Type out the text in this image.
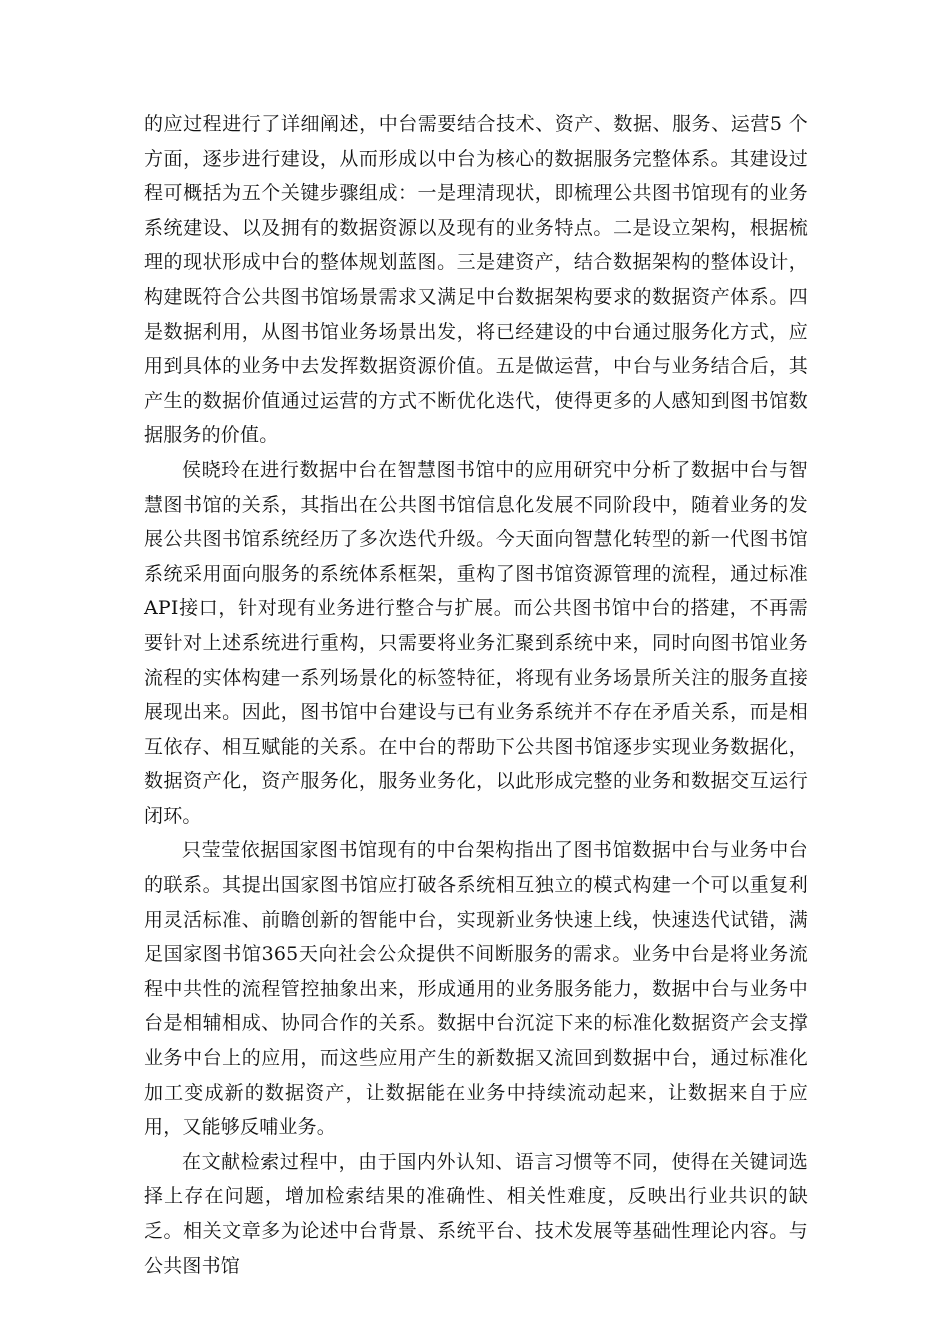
的应过程进行了详细阐述，中台需要结合技术、资产、数据、服务、运营5 个方面，逐步进行建设，从而形成以中台为核心的数据服务完整体系。其建设过程可概括为五个关键步骤组成：一是理清现状，即梳理公共图书馆现有的业务系统建设、以及拥有的数据资源以及现有的业务特点。二是设立架构，根据梳理的现状形成中台的整体规划蓝图。三是建资产，结合数据架构的整体设计，构建既符合公共图书馆场景需求又满足中台数据架构要求的数据资产体系。四是数据利用，从图书馆业务场景出发，将已经建设的中台通过服务化方式，应用到具体的业务中去发挥数据资源价值。五是做运营，中台与业务结合后，其产生的数据价值通过运营的方式不断优化迭代，使得更多的人感知到图书馆数据服务的价值。

侯晓玲在进行数据中台在智慧图书馆中的应用研究中分析了数据中台与智慧图书馆的关系，其指出在公共图书馆信息化发展不同阶段中，随着业务的发展公共图书馆系统经历了多次迭代升级。今天面向智慧化转型的新一代图书馆系统采用面向服务的系统体系框架，重构了图书馆资源管理的流程，通过标准API接口，针对现有业务进行整合与扩展。而公共图书馆中台的搭建，不再需要针对上述系统进行重构，只需要将业务汇聚到系统中来，同时向图书馆业务流程的实体构建一系列场景化的标签特征，将现有业务场景所关注的服务直接展现出来。因此，图书馆中台建设与已有业务系统并不存在矛盾关系，而是相互依存、相互赋能的关系。在中台的帮助下公共图书馆逐步实现业务数据化，数据资产化，资产服务化，服务业务化，以此形成完整的业务和数据交互运行闭环。

只莹莹依据国家图书馆现有的中台架构指出了图书馆数据中台与业务中台的联系。其提出国家图书馆应打破各系统相互独立的模式构建一个可以重复利用灵活标准、前瞻创新的智能中台，实现新业务快速上线，快速迭代试错，满足国家图书馆365天向社会公众提供不间断服务的需求。业务中台是将业务流程中共性的流程管控抽象出来，形成通用的业务服务能力，数据中台与业务中台是相辅相成、协同合作的关系。数据中台沉淀下来的标准化数据资产会支撑业务中台上的应用，而这些应用产生的新数据又流回到数据中台，通过标准化加工变成新的数据资产，让数据能在业务中持续流动起来，让数据来自于应用，又能够反哺业务。

在文献检索过程中，由于国内外认知、语言习惯等不同，使得在关键词选择上存在问题，增加检索结果的准确性、相关性难度，反映出行业共识的缺乏。相关文章多为论述中台背景、系统平台、技术发展等基础性理论内容。与公共图书馆
